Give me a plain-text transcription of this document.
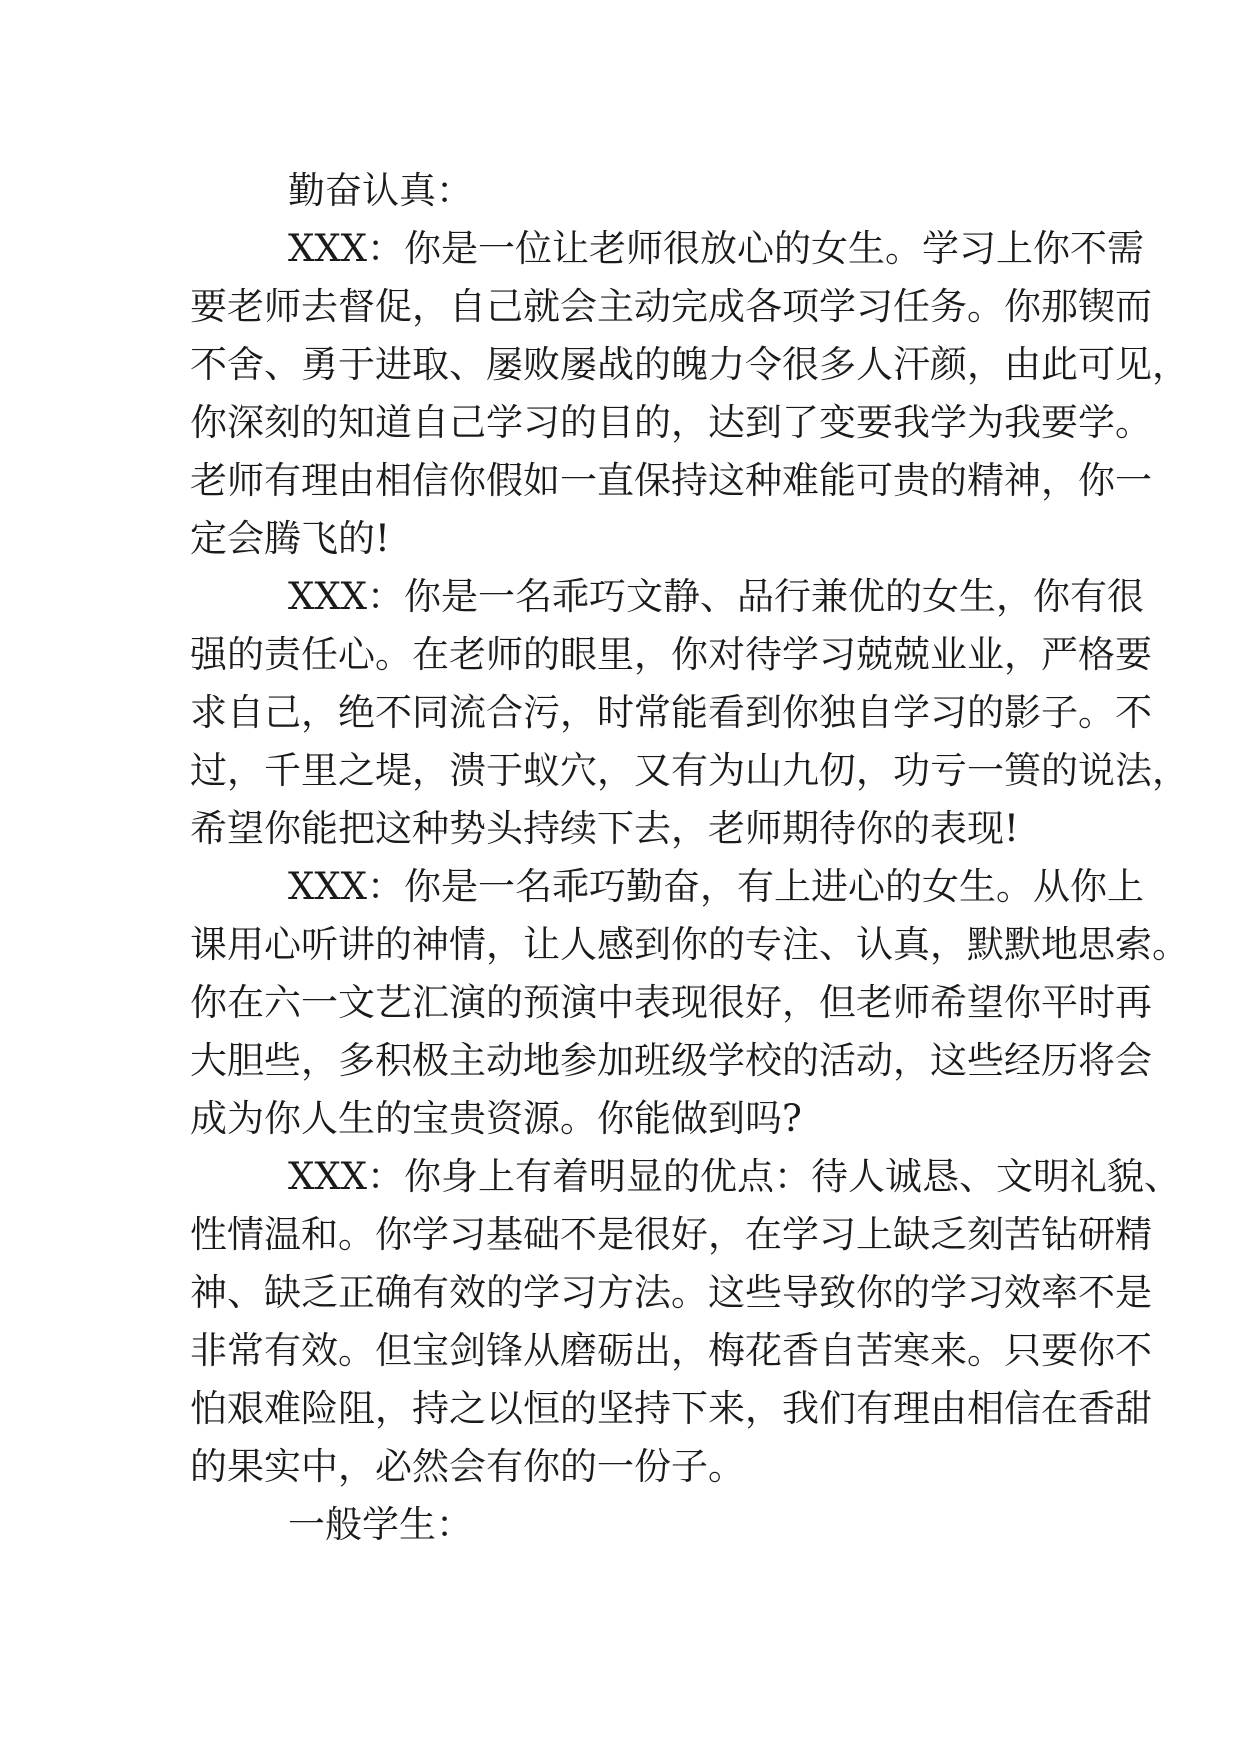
勤奋认真：
XXX：你是一位让老师很放心的女生。学习上你不需
要老师去督促，自己就会主动完成各项学习任务。你那锲而
不舍、勇于进取、屡败屡战的魄力令很多人汗颜，由此可见，
你深刻的知道自己学习的目的，达到了变要我学为我要学。
老师有理由相信你假如一直保持这种难能可贵的精神，你一
定会腾飞的!
XXX：你是一名乖巧文静、品行兼优的女生，你有很
强的责任心。在老师的眼里，你对待学习兢兢业业，严格要
求自己，绝不同流合污，时常能看到你独自学习的影子。不
过，千里之堤，溃于蚁穴，又有为山九仞，功亏一篑的说法，
希望你能把这种势头持续下去，老师期待你的表现!
XXX：你是一名乖巧勤奋，有上进心的女生。从你上
课用心听讲的神情，让人感到你的专注、认真，默默地思索。
你在六一文艺汇演的预演中表现很好，但老师希望你平时再
大胆些，多积极主动地参加班级学校的活动，这些经历将会
成为你人生的宝贵资源。你能做到吗?
XXX：你身上有着明显的优点：待人诚恳、文明礼貌、
性情温和。你学习基础不是很好，在学习上缺乏刻苦钻研精
神、缺乏正确有效的学习方法。这些导致你的学习效率不是
非常有效。但宝剑锋从磨砺出，梅花香自苦寒来。只要你不
怕艰难险阻，持之以恒的坚持下来，我们有理由相信在香甜
的果实中，必然会有你的一份子。
一般学生：
